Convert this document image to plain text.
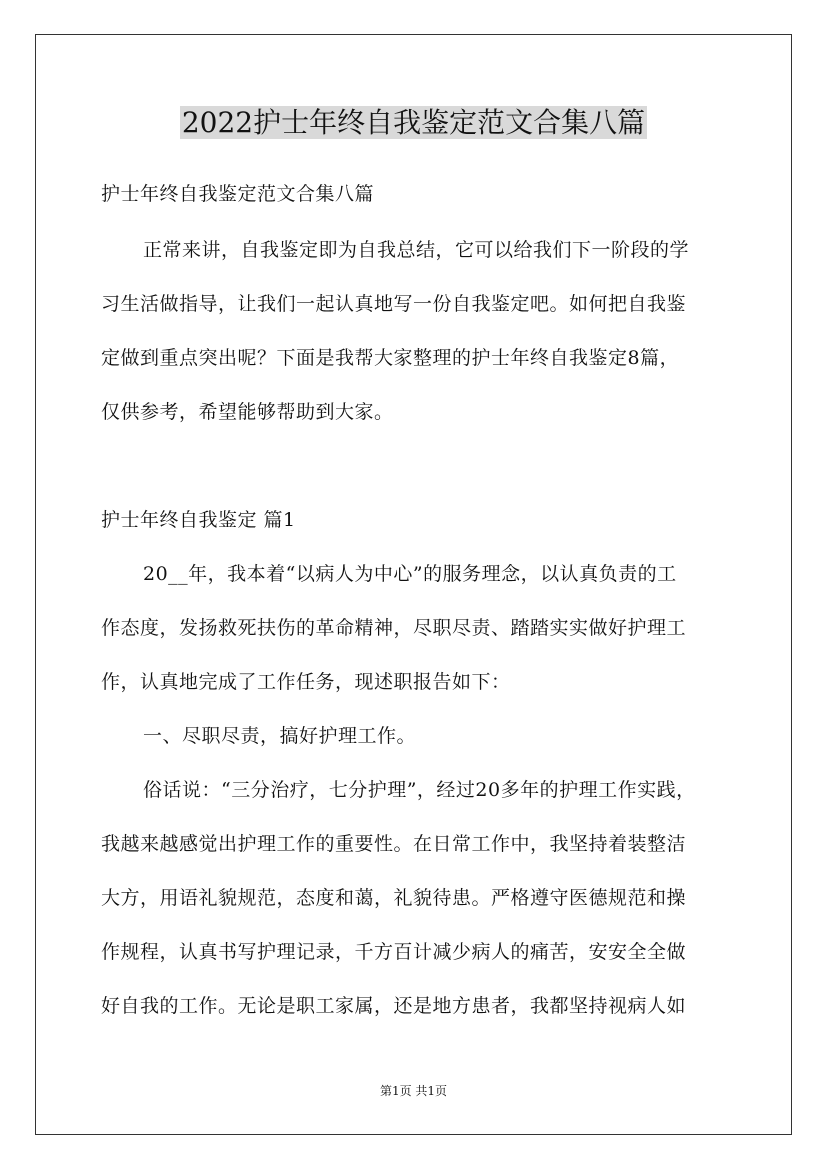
2022护士年终自我鉴定范文合集八篇
护士年终自我鉴定范文合集八篇
正常来讲，自我鉴定即为自我总结，它可以给我们下一阶段的学
习生活做指导，让我们一起认真地写一份自我鉴定吧。如何把自我鉴
定做到重点突出呢？下面是我帮大家整理的护士年终自我鉴定8篇，
仅供参考，希望能够帮助到大家。
护士年终自我鉴定 篇1
20__年，我本着“以病人为中心”的服务理念，以认真负责的工
作态度，发扬救死扶伤的革命精神，尽职尽责、踏踏实实做好护理工
作，认真地完成了工作任务，现述职报告如下：
一、尽职尽责，搞好护理工作。
俗话说：“三分治疗，七分护理”，经过20多年的护理工作实践，
我越来越感觉出护理工作的重要性。在日常工作中，我坚持着装整洁
大方，用语礼貌规范，态度和蔼，礼貌待患。严格遵守医德规范和操
作规程，认真书写护理记录，千方百计减少病人的痛苦，安安全全做
好自我的工作。无论是职工家属，还是地方患者，我都坚持视病人如
第1页 共1页
